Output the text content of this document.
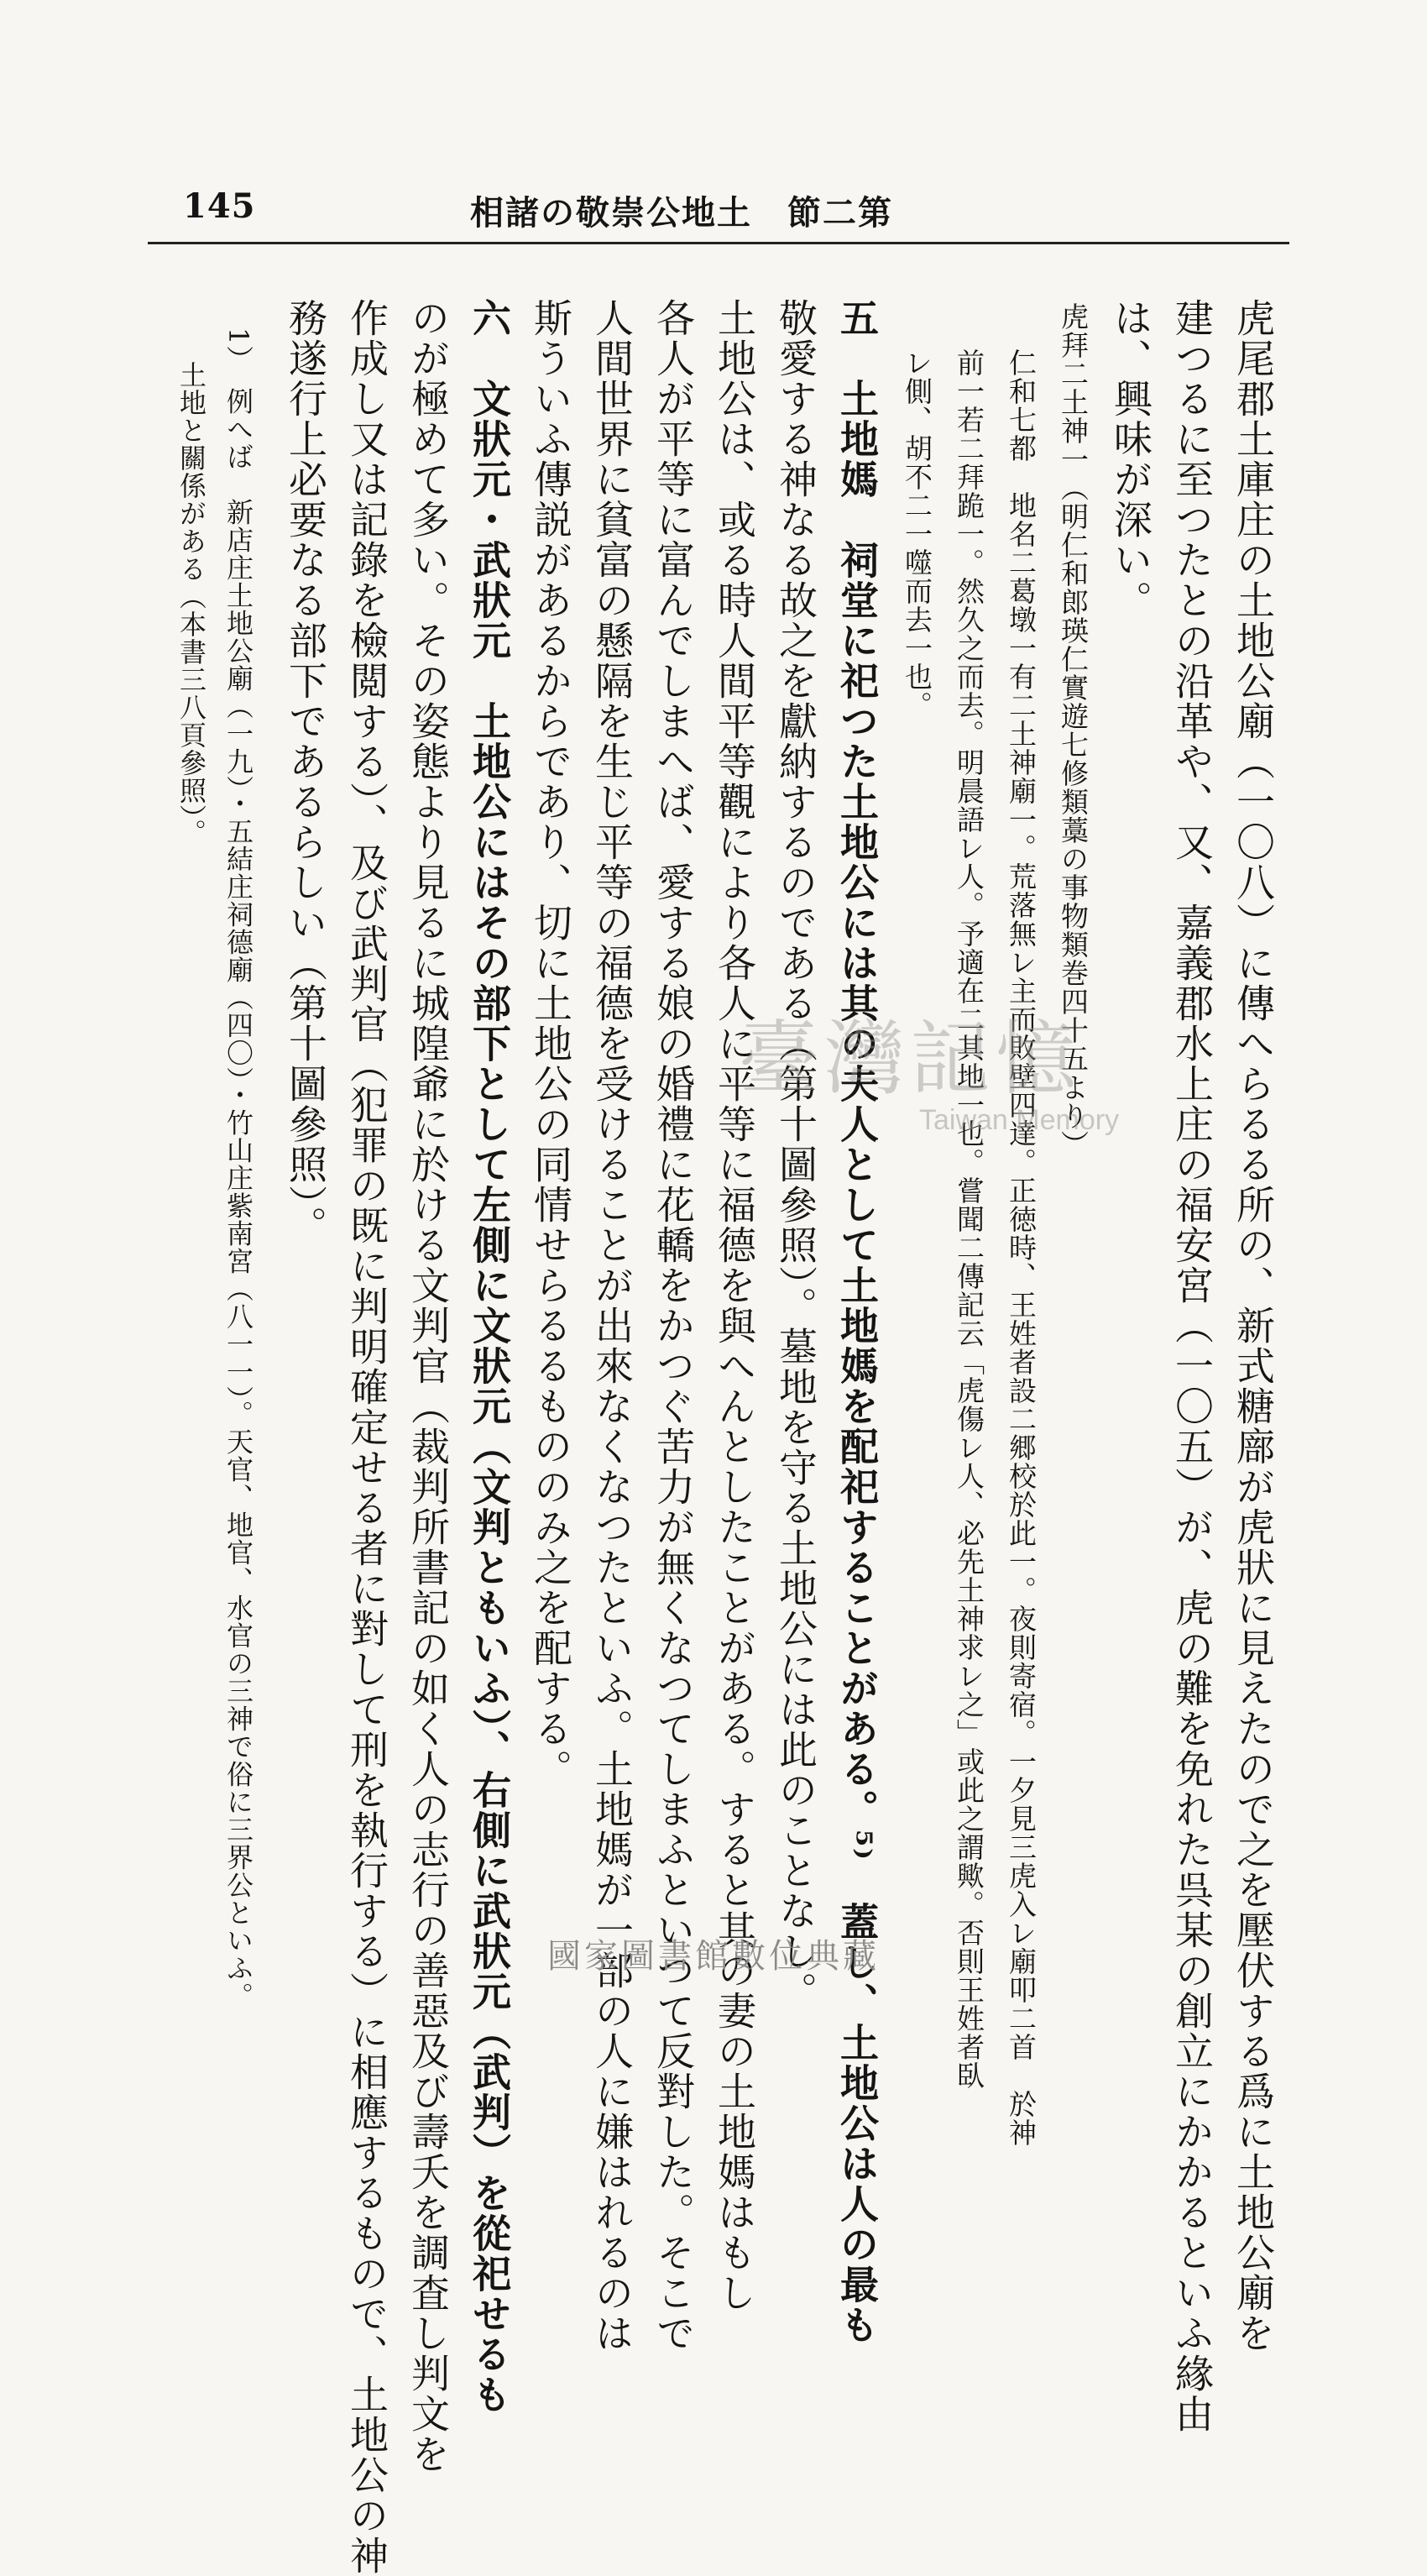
145	相諸の敬崇公地土　節二第
虎尾郡土庫庄の土地公廟（一〇八）に傳へらるる所の、新式糖廍が虎狀に見えたので之を壓伏する爲に土地公廟を
建つるに至つたとの沿革や、又、嘉義郡水上庄の福安宮（一〇五）が、虎の難を免れた呉某の創立にかかるといふ緣由
は、興味が深い。
虎拜二土神一（明仁和郎瑛仁實遊七修類藁の事物類巻四十五より）
仁和七都　地名二葛墩一有二土神廟一。荒落無レ主而敗壁四達。正徳時、王姓者設二郷校於此一。夜則寄宿。一夕見三虎入レ廟叩二首　於神
前一若二拜跪一。然久之而去。明晨語レ人。予適在二其地一也。嘗聞二傳記云「虎傷レ人、必先土神求レ之」或此之謂歟。否則王姓者臥
レ側、胡不二一噬而去一也。
五　土地媽　祠堂に祀つた土地公には其の夫人として土地媽を配祀することがある。⁵⁾　蓋し、土地公は人の最も
敬愛する神なる故之を獻納するのである（第十圖參照）。墓地を守る土地公には此のことなし。
土地公は、或る時人間平等觀により各人に平等に福德を與へんとしたことがある。すると其の妻の土地媽はもし
各人が平等に富んでしまへば、愛する娘の婚禮に花轎をかつぐ苦力が無くなつてしまふといつて反對した。そこで
人間世界に貧富の懸隔を生じ平等の福德を受けることが出來なくなつたといふ。土地媽が一部の人に嫌はれるのは
斯ういふ傳説があるからであり、切に土地公の同情せらるるもののみ之を配する。
六　文狀元・武狀元　土地公にはその部下として左側に文狀元（文判ともいふ）、右側に武狀元（武判）を從祀せるも
のが極めて多い。その姿態より見るに城隍爺に於ける文判官（裁判所書記の如く人の志行の善惡及び壽夭を調査し判文を
作成し又は記錄を檢閲する）、及び武判官（犯罪の既に判明確定せる者に對して刑を執行する）に相應するもので、土地公の神
務遂行上必要なる部下であるらしい（第十圖參照）。
1）　例へば　新店庄土地公廟（一九）・五結庄祠德廟（四〇）・竹山庄紫南宮（八一一）。天官、地官、水官の三神で俗に三界公といふ。
土地と關係がある（本書三八頁參照）。
臺灣記憶
Taiwan Memory
國家圖書館數位典藏
